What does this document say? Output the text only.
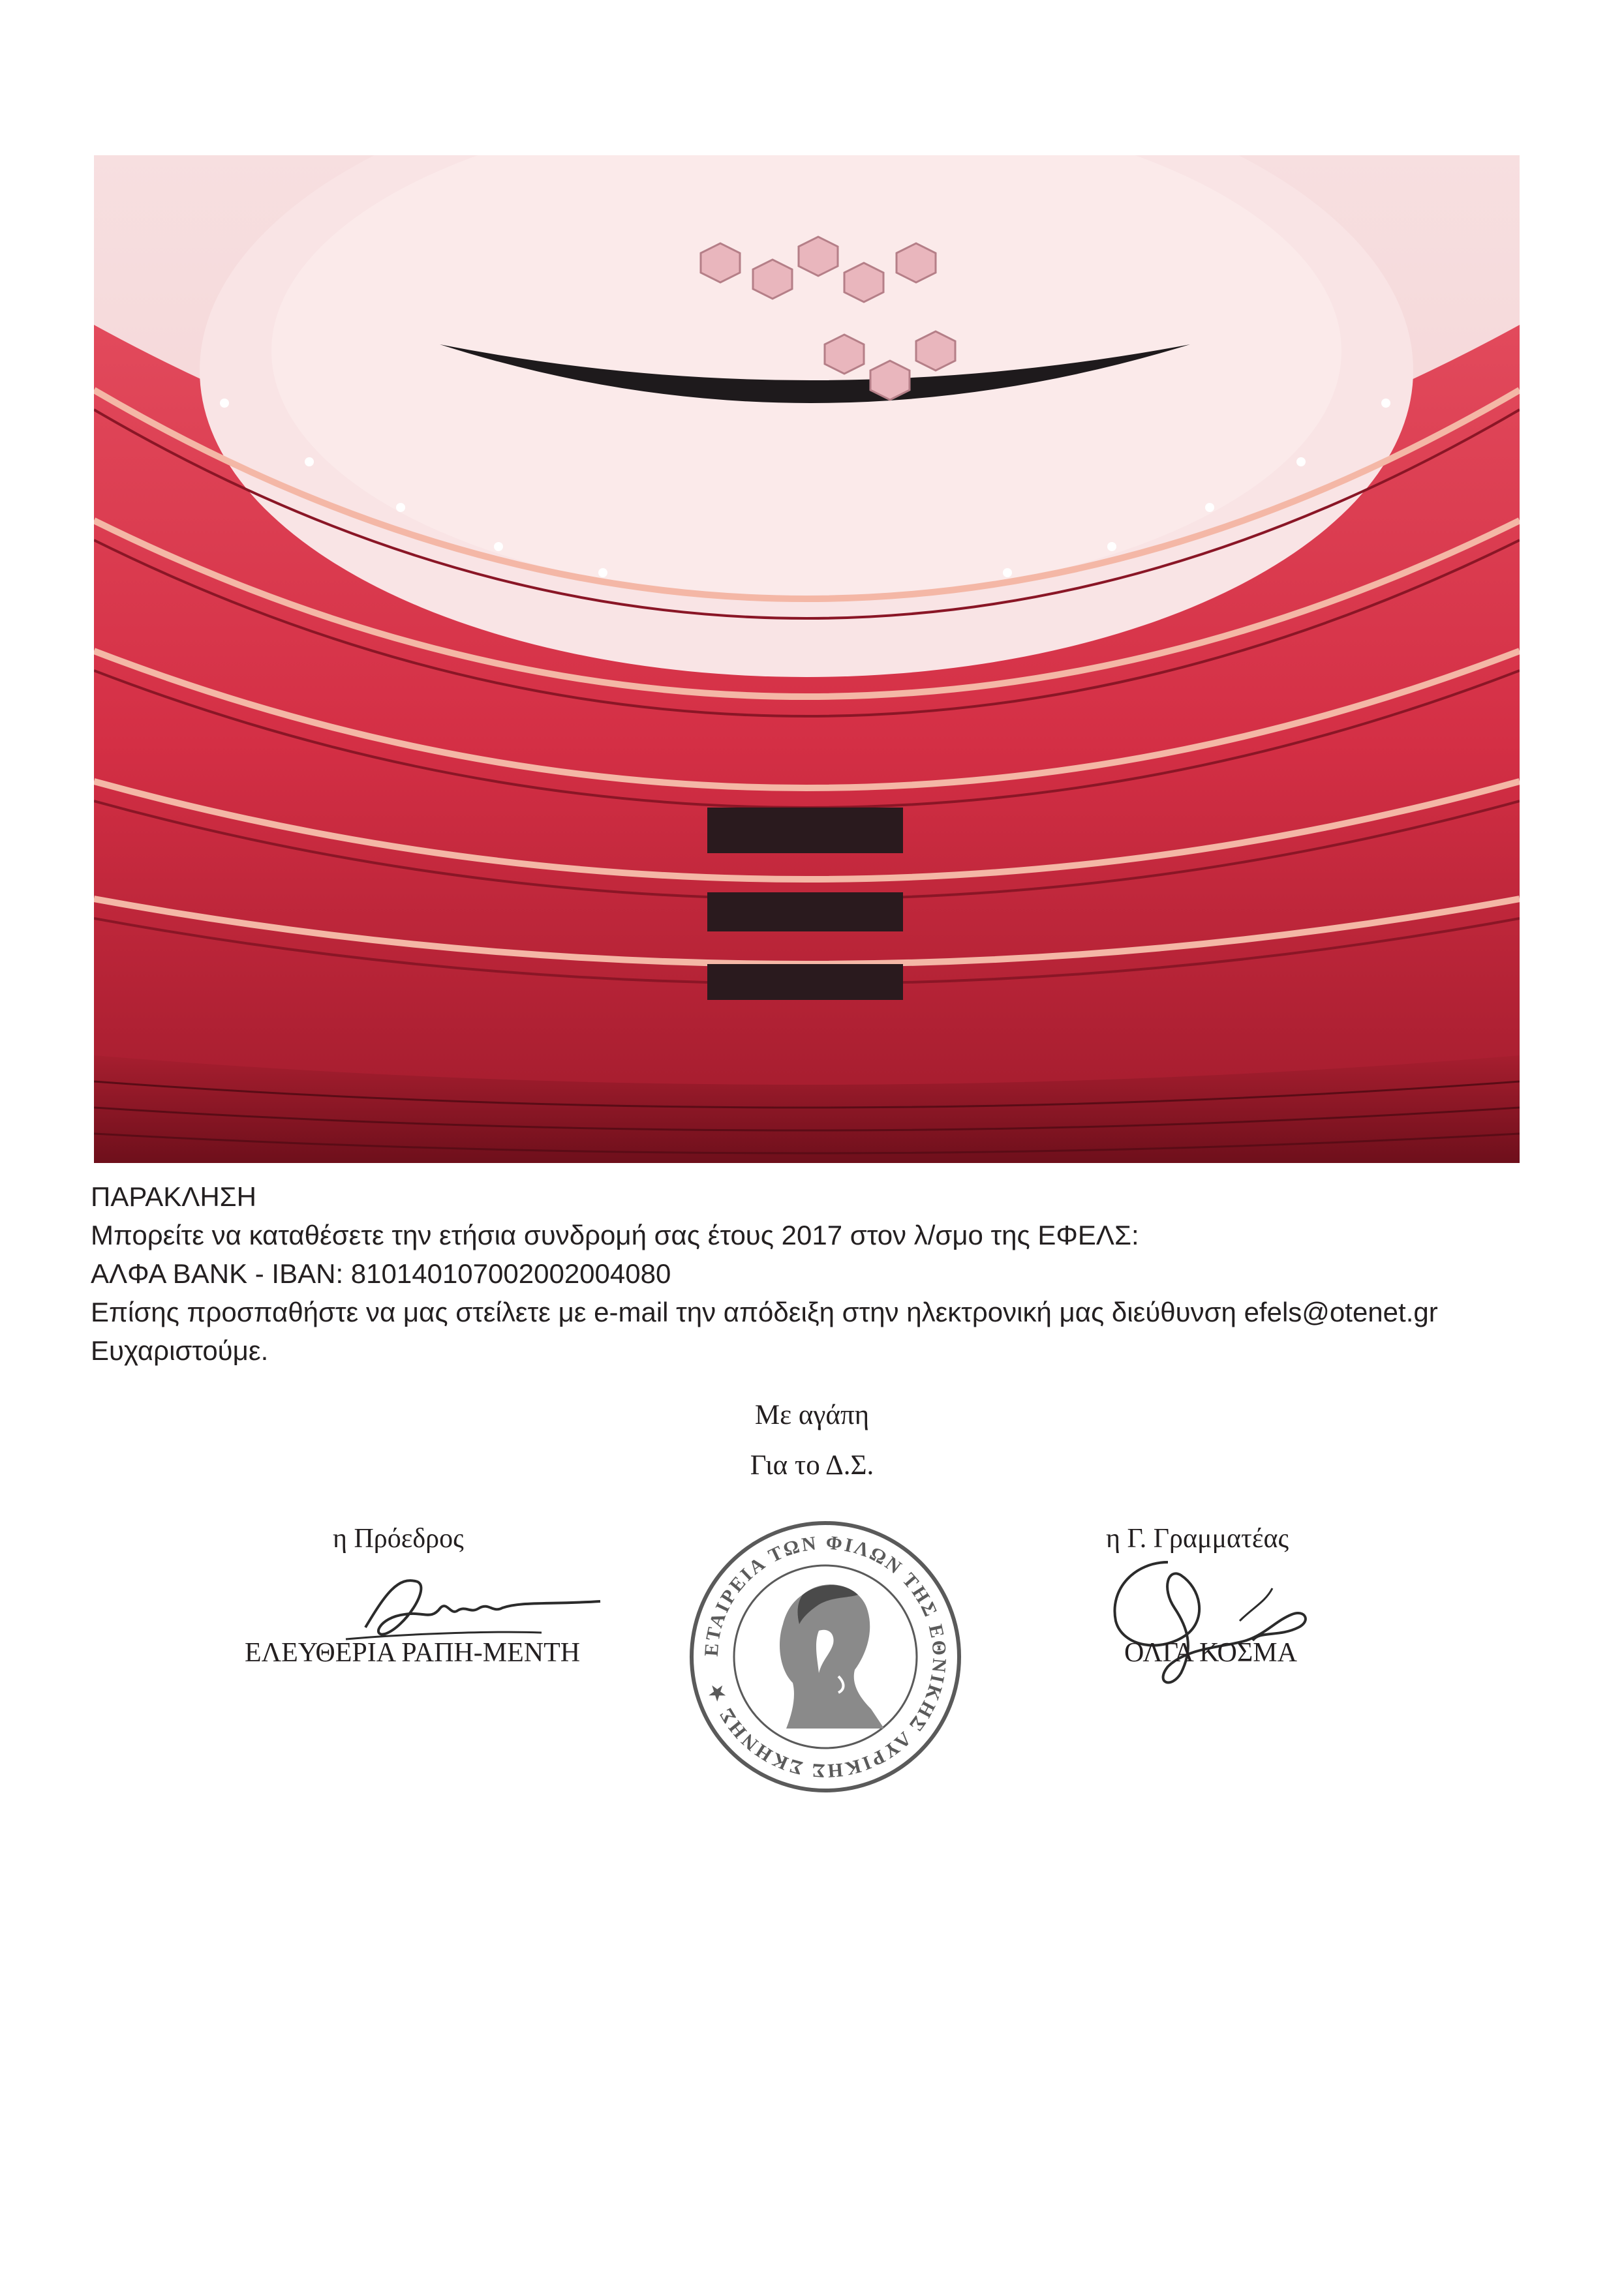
ΠΑΡΑΚΛΗΣΗ

Μπορείτε να καταθέσετε την ετήσια συνδρομή σας έτους 2017 στον λ/σμο της ΕΦΕΛΣ:

ΑΛΦΑ BANK - IBAN: 810140107002002004080

Επίσης προσπαθήστε να μας στείλετε με e-mail την απόδειξη στην ηλεκτρονική μας διεύθυνση efels@otenet.gr

Ευχαριστούμε.

Με αγάπη

Για το Δ.Σ.

η Πρόεδρος

ΕΛΕΥΘΕΡΙΑ ΡΑΠΗ-ΜΕΝΤΗ	ΕΤΑΙΡΕΙΑ ΤΩΝ ΦΙΛΩΝ ΤΗΣ ΕΘΝΙΚΗΣ ΛΥΡΙΚΗΣ ΣΚΗΝΗΣ ★

η Γ. Γραμματέας

ΟΛΓΑ ΚΟΣΜΑ
